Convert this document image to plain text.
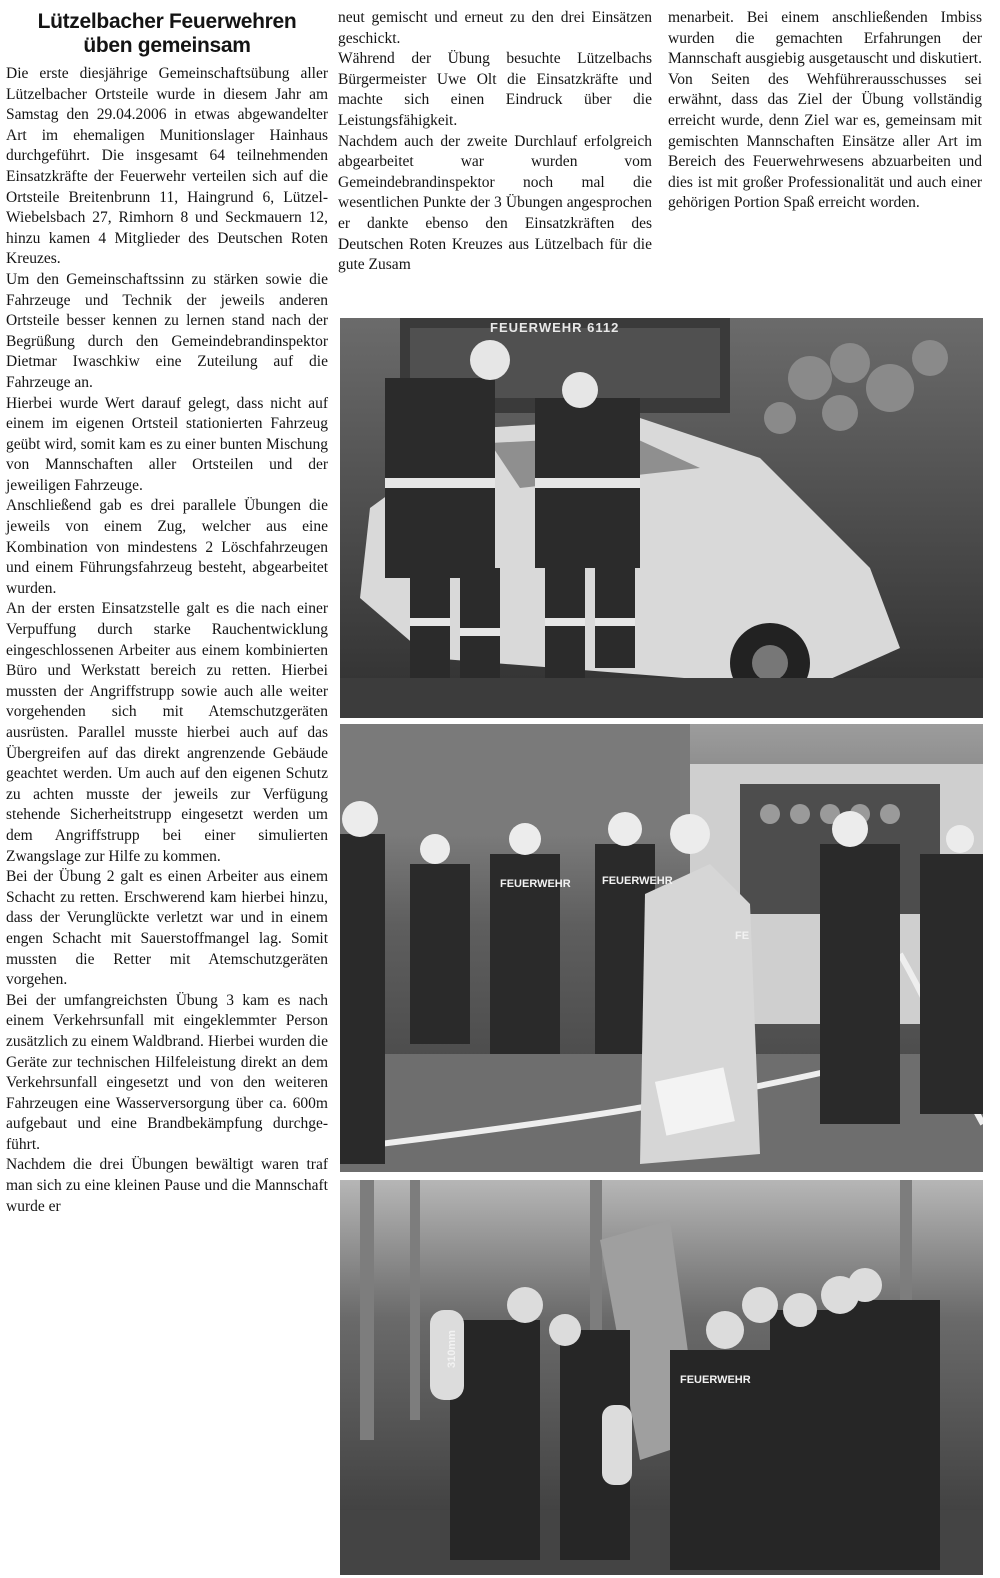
Lützelbacher Feuerwehren
üben gemeinsam

Die erste diesjährige Gemeinschaftsübung aller Lützelbacher Ortsteile wurde in diesem Jahr am Samstag den 29.04.2006 in etwas abgewandelter Art im ehemaligen Munitionslager Hainhaus durchgeführt. Die insgesamt 64 teilnehmenden Einsatzkräfte der Feuerwehr verteilen sich auf die Ortsteile Breitenbrunn 11, Haingrund 6, Lützel-Wiebelsbach 27, Rimhorn 8 und Seckmauern 12, hinzu kamen 4 Mitglieder des Deutschen Roten Kreuzes.

Um den Gemeinschaftssinn zu stärken sowie die Fahrzeuge und Technik der jeweils anderen Ortsteile besser kennen zu lernen stand nach der Begrüßung durch den Gemeindebrandinspektor Dietmar Iwaschkiw eine Zuteilung auf die Fahrzeuge an.

Hierbei wurde Wert darauf gelegt, dass nicht auf einem im eigenen Ortsteil stationierten Fahrzeug geübt wird, somit kam es zu einer bunten Mischung von Mannschaften aller Ortsteilen und der jeweiligen Fahrzeuge.

Anschließend gab es drei parallele Übungen die jeweils von einem Zug, welcher aus eine Kombination von mindestens 2 Löschfahrzeugen und einem Führungsfahrzeug besteht, abgearbeitet wurden.

An der ersten Einsatzstelle galt es die nach einer Verpuffung durch starke Rauchentwicklung eingeschlossenen Arbeiter aus einem kombinierten Büro und Werkstatt bereich zu retten. Hierbei mussten der Angriffstrupp sowie auch alle weiter vorgehenden sich mit Atemschutzgeräten ausrüsten. Parallel musste hierbei auch auf das Übergreifen auf das direkt angrenzende Gebäude geachtet werden. Um auch auf den eigenen Schutz zu achten musste der jeweils zur Verfügung stehende Sicherheitstrupp eingesetzt werden um dem Angriffstrupp bei einer simulierten Zwangslage zur Hilfe zu kommen.

Bei der Übung 2 galt es einen Arbeiter aus einem Schacht zu retten. Erschwerend kam hierbei hinzu, dass der Verunglückte verletzt war und in einem engen Schacht mit Sauerstoffmangel lag. Somit mussten die Retter mit Atemschutzgeräten vorgehen.

Bei der umfangreichsten Übung 3 kam es nach einem Verkehrsunfall mit eingeklemmter Person zusätzlich zu einem Waldbrand. Hierbei wurden die Geräte zur technischen Hilfeleistung direkt an dem Verkehrsunfall eingesetzt und von den weiteren Fahrzeugen eine Wasserversorgung über ca. 600m aufgebaut und eine Brandbekämpfung durchgeführt.

Nachdem die drei Übungen bewältigt waren traf man sich zu eine kleinen Pause und die Mannschaft wurde er

neut gemischt und erneut zu den drei Einsätzen geschickt.

Während der Übung besuchte Lützelbachs Bürgermeister Uwe Olt die Einsatzkräfte und machte sich einen Eindruck über die Leistungsfähigkeit.

Nachdem auch der zweite Durchlauf erfolgreich abgearbeitet war wurden vom Gemeindebrandinspektor noch mal die wesentlichen Punkte der 3 Übungen angesprochen er dankte ebenso den Einsatzkräften des Deutschen Roten Kreuzes aus Lützelbach für die gute Zusam

menarbeit. Bei einem anschließenden Imbiss wurden die gemachten Erfahrungen der Mannschaft ausgiebig ausgetauscht und diskutiert. Von Seiten des Wehführerausschusses sei erwähnt, dass das Ziel der Übung vollständig erreicht wurde, denn Ziel war es, gemeinsam mit gemischten Mannschaften Einsätze aller Art im Bereich des Feuerwehrwesens abzuarbeiten und dies ist mit großer Professionalität und auch einer gehörigen Portion Spaß erreicht worden.

FEUERWEHR 6112
FEUERWEHR	FEUERWEHR
FE
FEUERWEHR
310mm
